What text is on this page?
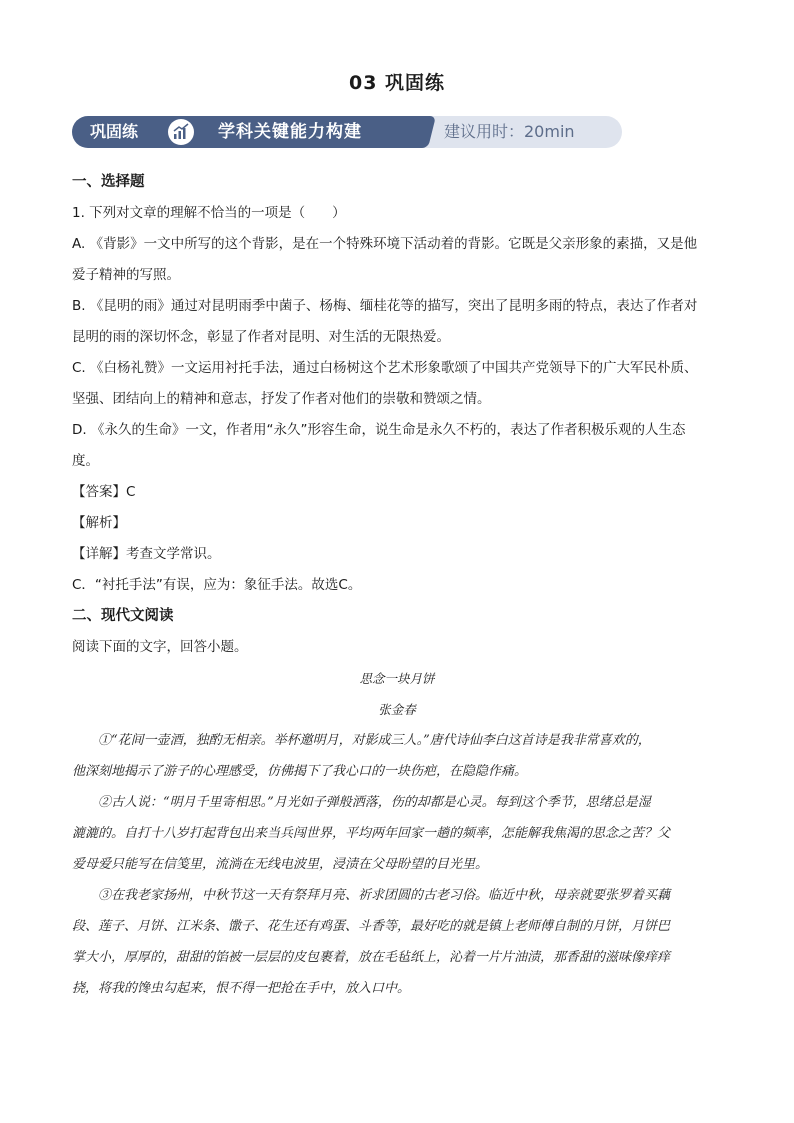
03 巩固练
巩固练	学科关键能力构建	建议用时：20min
一、选择题
1. 下列对文章的理解不恰当的一项是（　　）
A. 《背影》一文中所写的这个背影，是在一个特殊环境下活动着的背影。它既是父亲形象的素描，又是他
爱子精神的写照。
B. 《昆明的雨》通过对昆明雨季中菌子、杨梅、缅桂花等的描写，突出了昆明多雨的特点，表达了作者对
昆明的雨的深切怀念，彰显了作者对昆明、对生活的无限热爱。
C. 《白杨礼赞》一文运用衬托手法，通过白杨树这个艺术形象歌颂了中国共产党领导下的广大军民朴质、
坚强、团结向上的精神和意志，抒发了作者对他们的崇敬和赞颂之情。
D. 《永久的生命》一文，作者用“永久”形容生命，说生命是永久不朽的，表达了作者积极乐观的人生态
度。
【答案】C
【解析】
【详解】考查文学常识。
C．“衬托手法”有误，应为：象征手法。故选C。
二、现代文阅读
阅读下面的文字，回答小题。
思念一块月饼
张金春

①“花间一壶酒，独酌无相亲。举杯邀明月，对影成三人。”唐代诗仙李白这首诗是我非常喜欢的，

他深刻地揭示了游子的心理感受，仿佛揭下了我心口的一块伤疤，在隐隐作痛。

②古人说：“明月千里寄相思。”月光如子弹般洒落，伤的却都是心灵。每到这个季节，思绪总是湿

漉漉的。自打十八岁打起背包出来当兵闯世界，平均两年回家一趟的频率，怎能解我焦渴的思念之苦？父
爱母爱只能写在信笺里，流淌在无线电波里，浸渍在父母盼望的目光里。

③在我老家扬州，中秋节这一天有祭拜月亮、祈求团圆的古老习俗。临近中秋，母亲就要张罗着买藕

段、莲子、月饼、江米条、馓子、花生还有鸡蛋、斗香等，最好吃的就是镇上老师傅自制的月饼，月饼巴
掌大小，厚厚的，甜甜的馅被一层层的皮包裹着，放在毛毡纸上，沁着一片片油渍，那香甜的滋味像痒痒
挠，将我的馋虫勾起来，恨不得一把抢在手中，放入口中。
